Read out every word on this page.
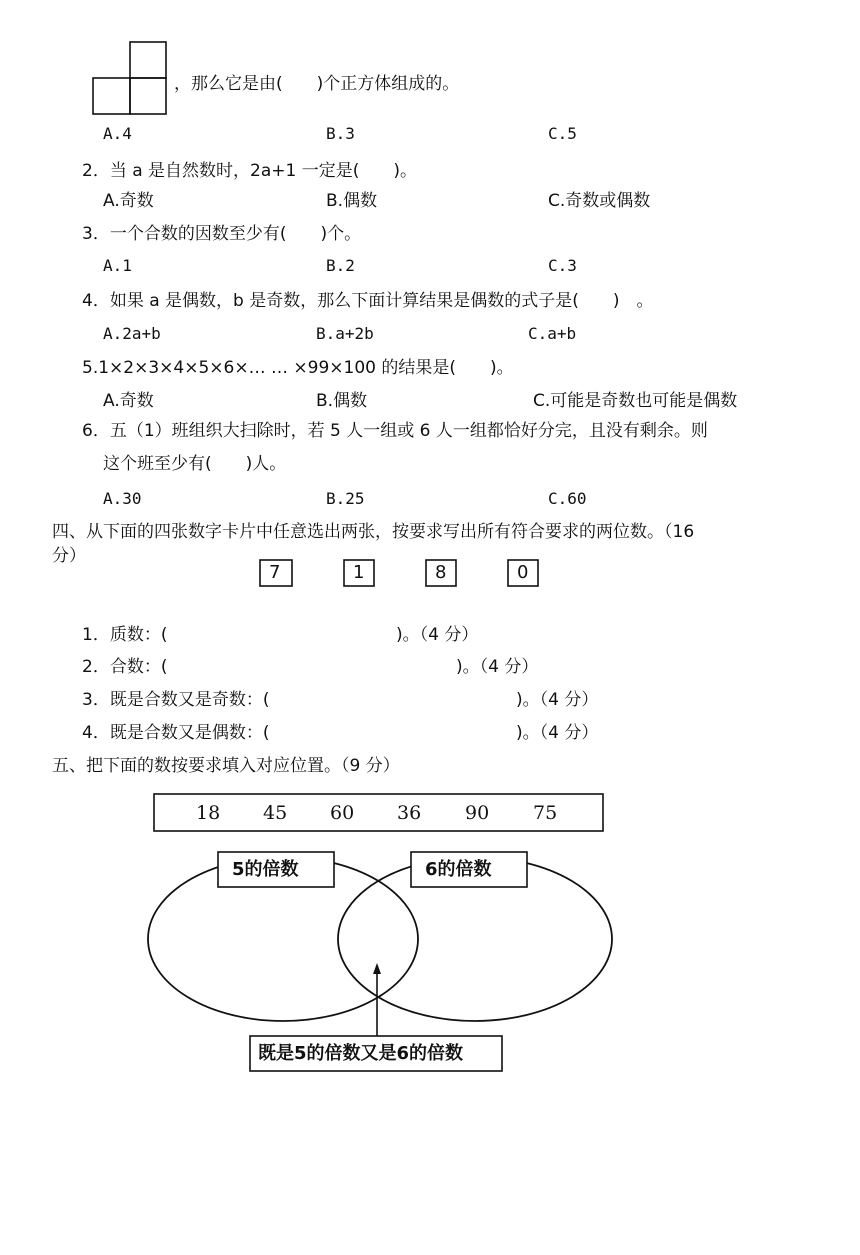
，那么它是由(　　)个正方体组成的。
A.4	B.3	C.5
2．当 a 是自然数时，2a+1 一定是(　　)。
A.奇数	B.偶数	C.奇数或偶数
3．一个合数的因数至少有(　　)个。
A.1	B.2	C.3
4．如果 a 是偶数，b 是奇数，那么下面计算结果是偶数的式子是(　　)　。
A.2a+b	B.a+2b	C.a+b
5.1×2×3×4×5×6×… … ×99×100 的结果是(　　)。
A.奇数	B.偶数	C.可能是奇数也可能是偶数
6．五（1）班组织大扫除时，若 5 人一组或 6 人一组都恰好分完，且没有剩余。则
这个班至少有(　　)人。
A.30	B.25	C.60
四、从下面的四张数字卡片中任意选出两张，按要求写出所有符合要求的两位数。（16
分）
7	1	8	0
1．质数：(	)。（4 分）
2．合数：(	)。（4 分）
3．既是合数又是奇数：(	)。（4 分）
4．既是合数又是偶数：(	)。（4 分）
五、把下面的数按要求填入对应位置。（9 分）
18 45 60 36 90 75
5的倍数	6的倍数
既是5的倍数又是6的倍数
